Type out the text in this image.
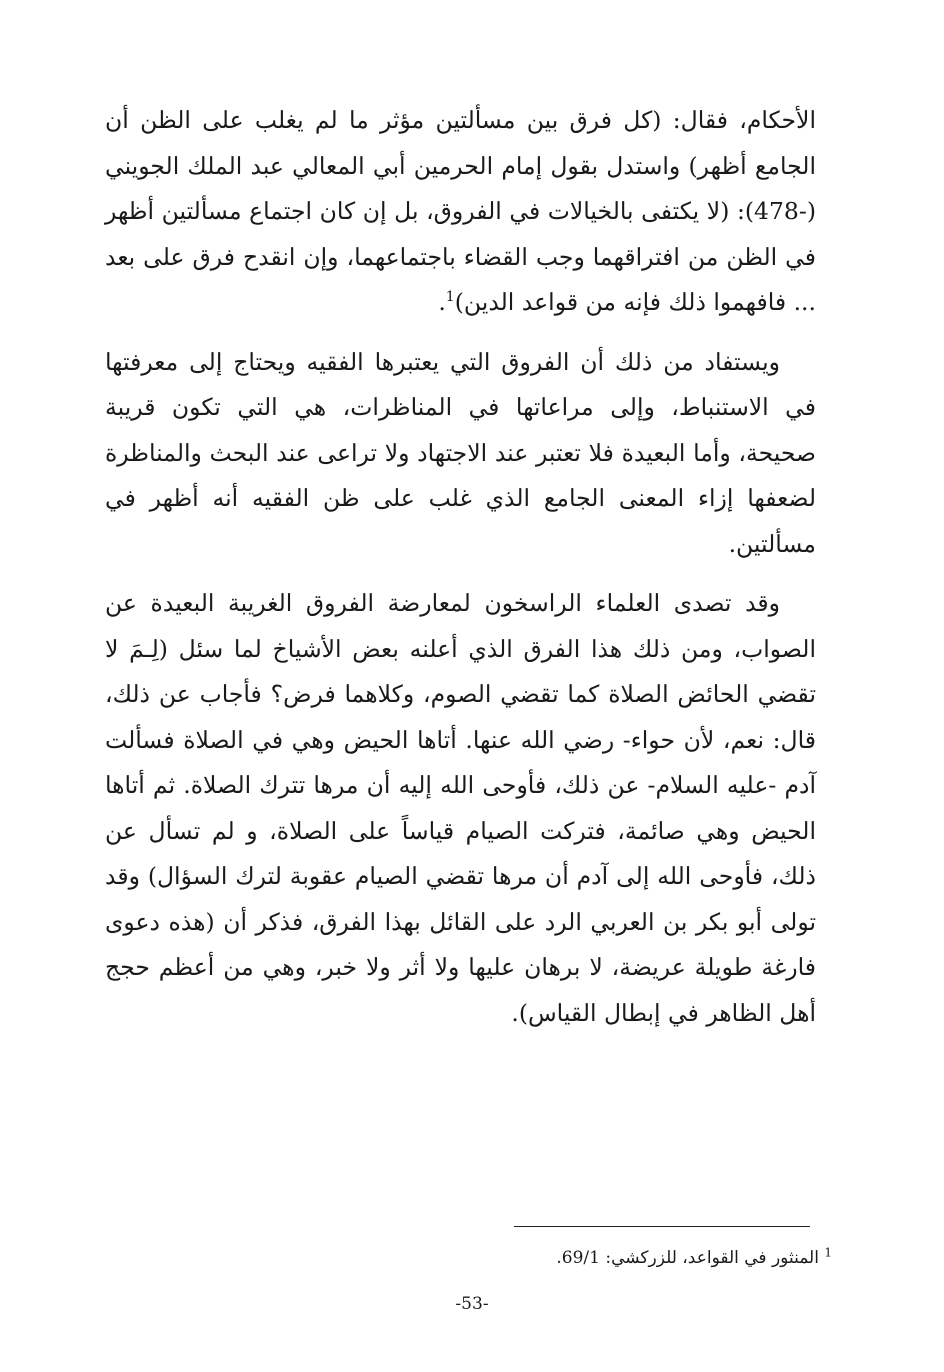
الأحكام، فقال: (كل فرق بين مسألتين مؤثر ما لم يغلب على الظن أن الجامع أظهر) واستدل بقول إمام الحرمين أبي المعالي عبد الملك الجويني (-478): (لا يكتفى بالخيالات في الفروق، بل إن كان اجتماع مسألتين أظهر في الظن من افتراقهما وجب القضاء باجتماعهما، وإن انقدح فرق على بعد ... فافهموا ذلك فإنه من قواعد الدين)$^1$.

ويستفاد من ذلك أن الفروق التي يعتبرها الفقيه ويحتاج إلى معرفتها في الاستنباط، وإلى مراعاتها في المناظرات، هي التي تكون قريبة صحيحة، وأما البعيدة فلا تعتبر عند الاجتهاد ولا تراعى عند البحث والمناظرة لضعفها إزاء المعنى الجامع الذي غلب على ظن الفقيه أنه أظهر في مسألتين.

وقد تصدى العلماء الراسخون لمعارضة الفروق الغريبة البعيدة عن الصواب، ومن ذلك هذا الفرق الذي أعلنه بعض الأشياخ لما سئل (لِـمَ لا تقضي الحائض الصلاة كما تقضي الصوم، وكلاهما فرض؟ فأجاب عن ذلك، قال: نعم، لأن حواء- رضي الله عنها. أتاها الحيض وهي في الصلاة فسألت آدم -عليه السلام- عن ذلك، فأوحى الله إليه أن مرها تترك الصلاة. ثم أتاها الحيض وهي صائمة، فتركت الصيام قياساً على الصلاة، و لم تسأل عن ذلك، فأوحى الله إلى آدم أن مرها تقضي الصيام عقوبة لترك السؤال) وقد تولى أبو بكر بن العربي الرد على القائل بهذا الفرق، فذكر أن (هذه دعوى فارغة طويلة عريضة، لا برهان عليها ولا أثر ولا خبر، وهي من أعظم حجج أهل الظاهر في إبطال القياس).

$^1$ المنثور في القواعد، للزركشي: 69/1.
-53-
